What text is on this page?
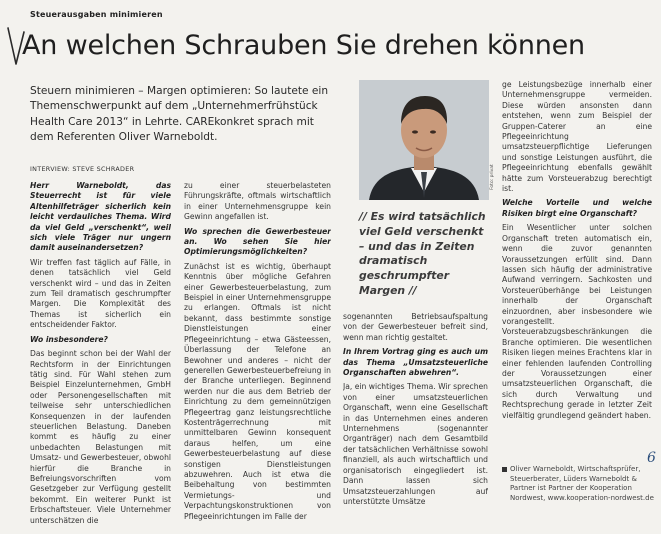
Steuerausgaben minimieren
An welchen Schrauben Sie drehen können
Steuern minimieren – Margen optimieren: So lautete ein Themenschwerpunkt auf dem „Unternehmerfrühstück Health Care 2013“ in Lehrte. CAREkonkret sprach mit dem Referenten Oliver Warneboldt.
INTERVIEW: STEVE SCHRADER

Herr Warneboldt, das Steuerrecht ist für viele Altenhilfeträger sicherlich kein leicht verdauliches Thema. Wird da viel Geld „verschenkt“, weil sich viele Träger nur ungern damit auseinandersetzen?

Wir treffen fast täglich auf Fälle, in denen tatsächlich viel Geld verschenkt wird – und das in Zeiten zum Teil dramatisch geschrumpfter Margen. Die Komplexität des Themas ist sicherlich ein entscheidender Faktor.

Wo insbesondere?

Das beginnt schon bei der Wahl der Rechtsform in der Einrichtungen tätig sind. Für Wahl stehen zum Beispiel Einzelunternehmen, GmbH oder Personengesellschaften mit teilweise sehr unterschiedlichen Konsequenzen in der laufenden steuerlichen Belastung. Daneben kommt es häufig zu einer unbedachten Belastungen mit Umsatz- und Gewerbesteuer, obwohl hierfür die Branche in Befreiungsvorschriften vom Gesetzgeber zur Verfügung gestellt bekommt. Ein weiterer Punkt ist Erbschaftsteuer. Viele Unternehmer unterschätzen die

zu einer steuerbelasteten Führungskräfte, oftmals wirtschaftlich in einer Unternehmensgruppe kein Gewinn angefallen ist.

Wo sprechen die Gewerbesteuer an. Wo sehen Sie hier Optimierungsmöglichkeiten?

Zunächst ist es wichtig, überhaupt Kenntnis über mögliche Gefahren einer Gewerbesteuerbelastung, zum Beispiel in einer Unternehmensgruppe zu erlangen. Oftmals ist nicht bekannt, dass bestimmte sonstige Dienstleistungen einer Pflegeeinrichtung – etwa Gästeessen, Überlassung der Telefone an Bewohner und anderes – nicht der generellen Gewerbesteuerbefreiung in der Branche unterliegen. Beginnend werden nur die aus dem Betrieb der Einrichtung zu dem gemeinnützigen Pflegeertrag ganz leistungsrechtliche Kostenträgerrechnung mit unmittelbaren Gewinn konsequent daraus helfen, um eine Gewerbesteuerbelastung auf diese sonstigen Dienstleistungen abzuwehren. Auch ist etwa die Beibehaltung von bestimmten Vermietungs- und Verpachtungskonstruktionen von Pflegeeinrichtungen im Falle der

Foto: privat
// Es wird tatsächlich viel Geld verschenkt – und das in Zeiten dramatisch geschrumpfter Margen //

sogenannten Betriebsaufspaltung von der Gewerbesteuer befreit sind, wenn man richtig gestaltet.

In Ihrem Vortrag ging es auch um das Thema „Umsatzsteuerliche Organschaften abwehren“.

Ja, ein wichtiges Thema. Wir sprechen von einer umsatzsteuerlichen Organschaft, wenn eine Gesellschaft in das Unternehmen eines anderen Unternehmens (sogenannter Organträger) nach dem Gesamtbild der tatsächlichen Verhältnisse sowohl finanziell, als auch wirtschaftlich und organisatorisch eingegliedert ist. Dann lassen sich Umsatzsteuerzahlungen auf unterstützte Umsätze

ge Leistungsbezüge innerhalb einer Unternehmensgruppe vermeiden. Diese würden ansonsten dann entstehen, wenn zum Beispiel der Gruppen-Caterer an eine Pflegeeinrichtung umsatzsteuerpflichtige Lieferungen und sonstige Leistungen ausführt, die Pflegeeinrichtung ebenfalls gewählt hätte zum Vorsteuerabzug berechtigt ist.

Welche Vorteile und welche Risiken birgt eine Organschaft?

Ein Wesentlicher unter solchen Organschaft treten automatisch ein, wenn die zuvor genannten Voraussetzungen erfüllt sind. Dann lassen sich häufig der administrative Aufwand verringern. Sachkosten und Vorsteuerüberhänge bei Leistungen innerhalb der Organschaft einzuordnen, aber insbesondere wie vorangestellt. Vorsteuerabzugsbeschränkungen die Branche optimieren. Die wesentlichen Risiken liegen meines Erachtens klar in einer fehlenden laufenden Controlling der Voraussetzungen einer umsatzsteuerlichen Organschaft, die sich durch Verwaltung und Rechtsprechung gerade in letzter Zeit vielfältig grundlegend geändert haben.

Oliver Warneboldt, Wirtschaftsprüfer, Steuerberater, Lüders Warneboldt & Partner ist Partner der Kooperation Nordwest, www.kooperation-nordwest.de
6
